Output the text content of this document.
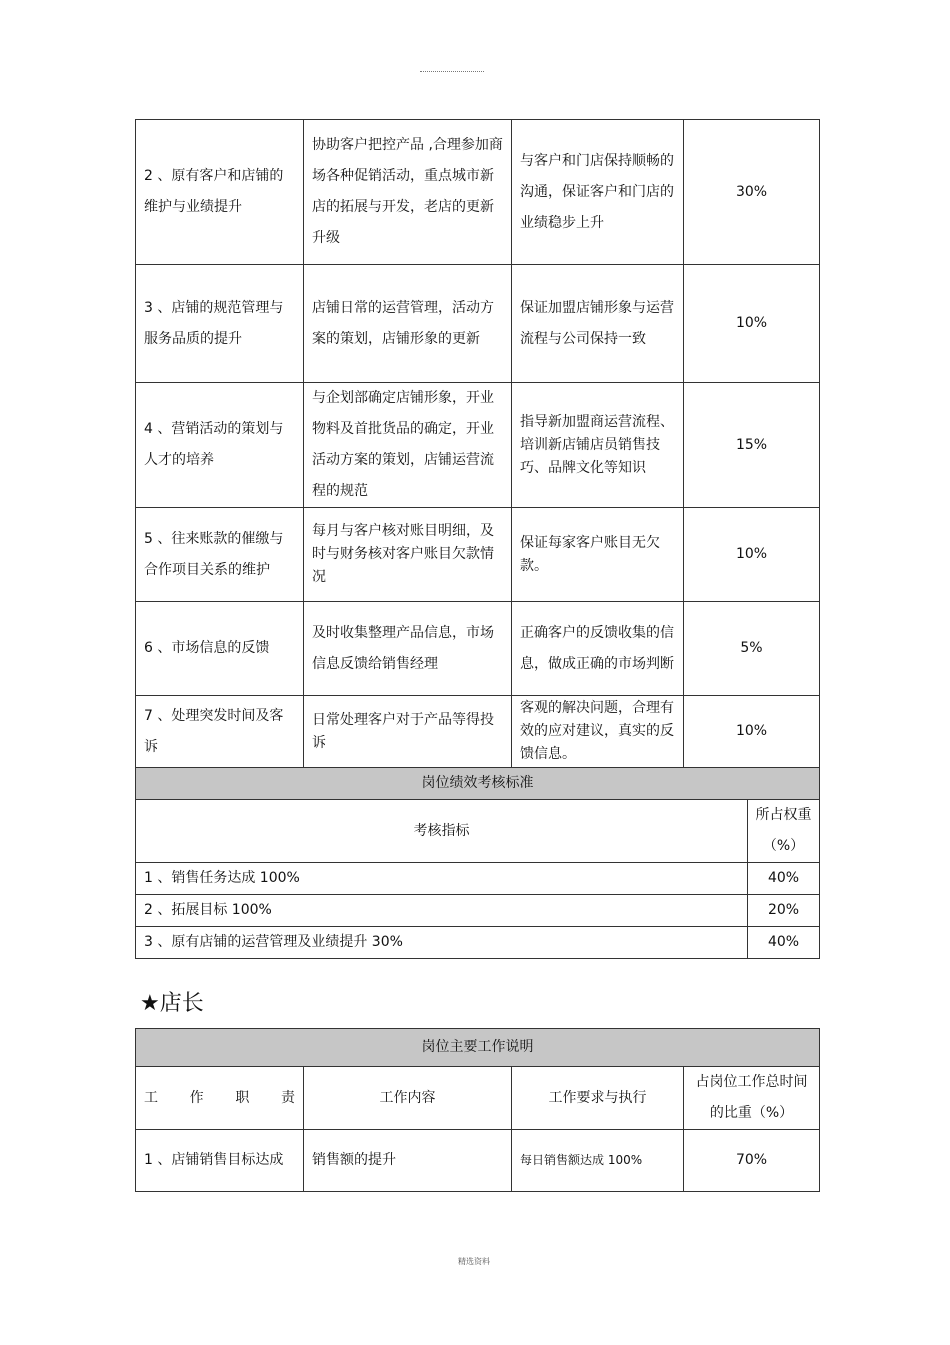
2 、原有客户和店铺的维护与业绩提升	协助客户把控产品 ,合理参加商场各种促销活动，重点城市新店的拓展与开发，老店的更新升级	与客户和门店保持顺畅的沟通，保证客户和门店的业绩稳步上升	30%	
3 、店铺的规范管理与服务品质的提升	店铺日常的运营管理，活动方案的策划，店铺形象的更新	保证加盟店铺形象与运营流程与公司保持一致	10%	
4 、营销活动的策划与人才的培养	与企划部确定店铺形象，开业物料及首批货品的确定，开业活动方案的策划，店铺运营流程的规范	指导新加盟商运营流程、培训新店铺店员销售技巧、品牌文化等知识	15%	
5 、往来账款的催缴与合作项目关系的维护	每月与客户核对账目明细，及时与财务核对客户账目欠款情况	保证每家客户账目无欠款。	10%	
6 、市场信息的反馈	及时收集整理产品信息，市场信息反馈给销售经理	正确客户的反馈收集的信息，做成正确的市场判断	5%	
7 、处理突发时间及客诉	日常处理客户对于产品等得投诉	客观的解决问题，合理有效的应对建议，真实的反馈信息。	10%	
岗位绩效考核标准				
考核指标				所占权重（%）
1 、销售任务达成 100%				40%
2 、拓展目标 100%				20%
3 、原有店铺的运营管理及业绩提升 30%				40%
★店长
岗位主要工作说明			
工 作 职 责	工作内容	工作要求与执行	占岗位工作总时间的比重（%）
1 、店铺销售目标达成	销售额的提升	每日销售额达成 100%	70%
精选资料
